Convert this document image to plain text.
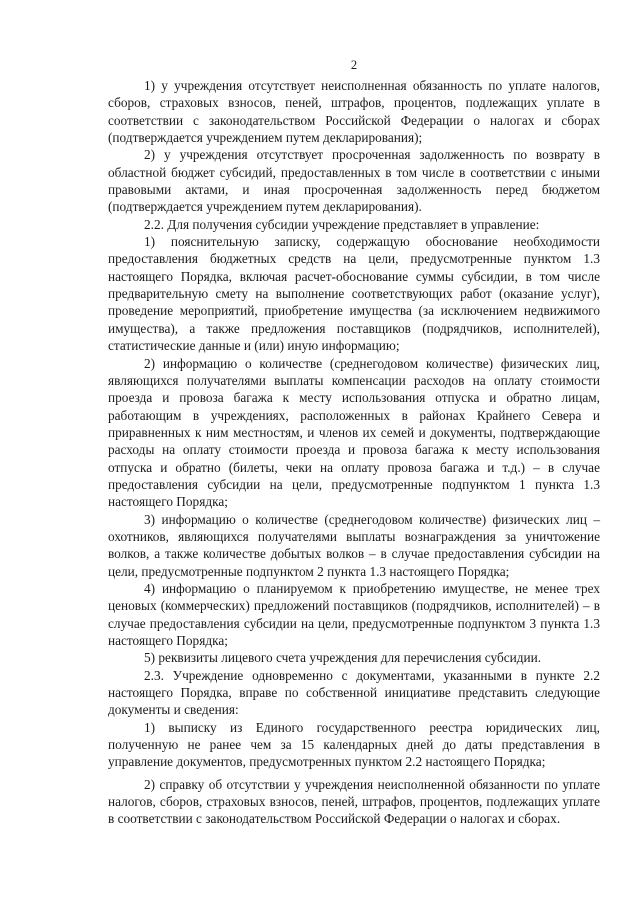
2

1) у учреждения отсутствует неисполненная обязанность по уплате налогов, сборов, страховых взносов, пеней, штрафов, процентов, подлежащих уплате в соответствии с законодательством Российской Федерации о налогах и сборах (подтверждается учреждением путем декларирования);

2) у учреждения отсутствует просроченная задолженность по возврату в областной бюджет субсидий, предоставленных в том числе в соответствии с иными правовыми актами, и иная просроченная задолженность перед бюджетом (подтверждается учреждением путем декларирования).

2.2. Для получения субсидии учреждение представляет в управление:

1) пояснительную записку, содержащую обоснование необходимости предоставления бюджетных средств на цели, предусмотренные пунктом 1.3 настоящего Порядка, включая расчет-обоснование суммы субсидии, в том числе предварительную смету на выполнение соответствующих работ (оказание услуг), проведение мероприятий, приобретение имущества (за исключением недвижимого имущества), а также предложения поставщиков (подрядчиков, исполнителей), статистические данные и (или) иную информацию;

2) информацию о количестве (среднегодовом количестве) физических лиц, являющихся получателями выплаты компенсации расходов на оплату стоимости проезда и провоза багажа к месту использования отпуска и обратно лицам, работающим в учреждениях, расположенных в районах Крайнего Севера и приравненных к ним местностям, и членов их семей и документы, подтверждающие расходы на оплату стоимости проезда и провоза багажа к месту использования отпуска и обратно (билеты, чеки на оплату провоза багажа и т.д.) – в случае предоставления субсидии на цели, предусмотренные подпунктом 1 пункта 1.3 настоящего Порядка;

3) информацию о количестве (среднегодовом количестве) физических лиц – охотников, являющихся получателями выплаты вознаграждения за уничтожение волков, а также количестве добытых волков – в случае предоставления субсидии на цели, предусмотренные подпунктом 2 пункта 1.3 настоящего Порядка;

4) информацию о планируемом к приобретению имуществе, не менее трех ценовых (коммерческих) предложений поставщиков (подрядчиков, исполнителей) – в случае предоставления субсидии на цели, предусмотренные подпунктом 3 пункта 1.3 настоящего Порядка;

5) реквизиты лицевого счета учреждения для перечисления субсидии.

2.3. Учреждение одновременно с документами, указанными в пункте 2.2 настоящего Порядка, вправе по собственной инициативе представить следующие документы и сведения:

1) выписку из Единого государственного реестра юридических лиц, полученную не ранее чем за 15 календарных дней до даты представления в управление документов, предусмотренных пунктом 2.2 настоящего Порядка;

2) справку об отсутствии у учреждения неисполненной обязанности по уплате налогов, сборов, страховых взносов, пеней, штрафов, процентов, подлежащих уплате в соответствии с законодательством Российской Федерации о налогах и сборах.
